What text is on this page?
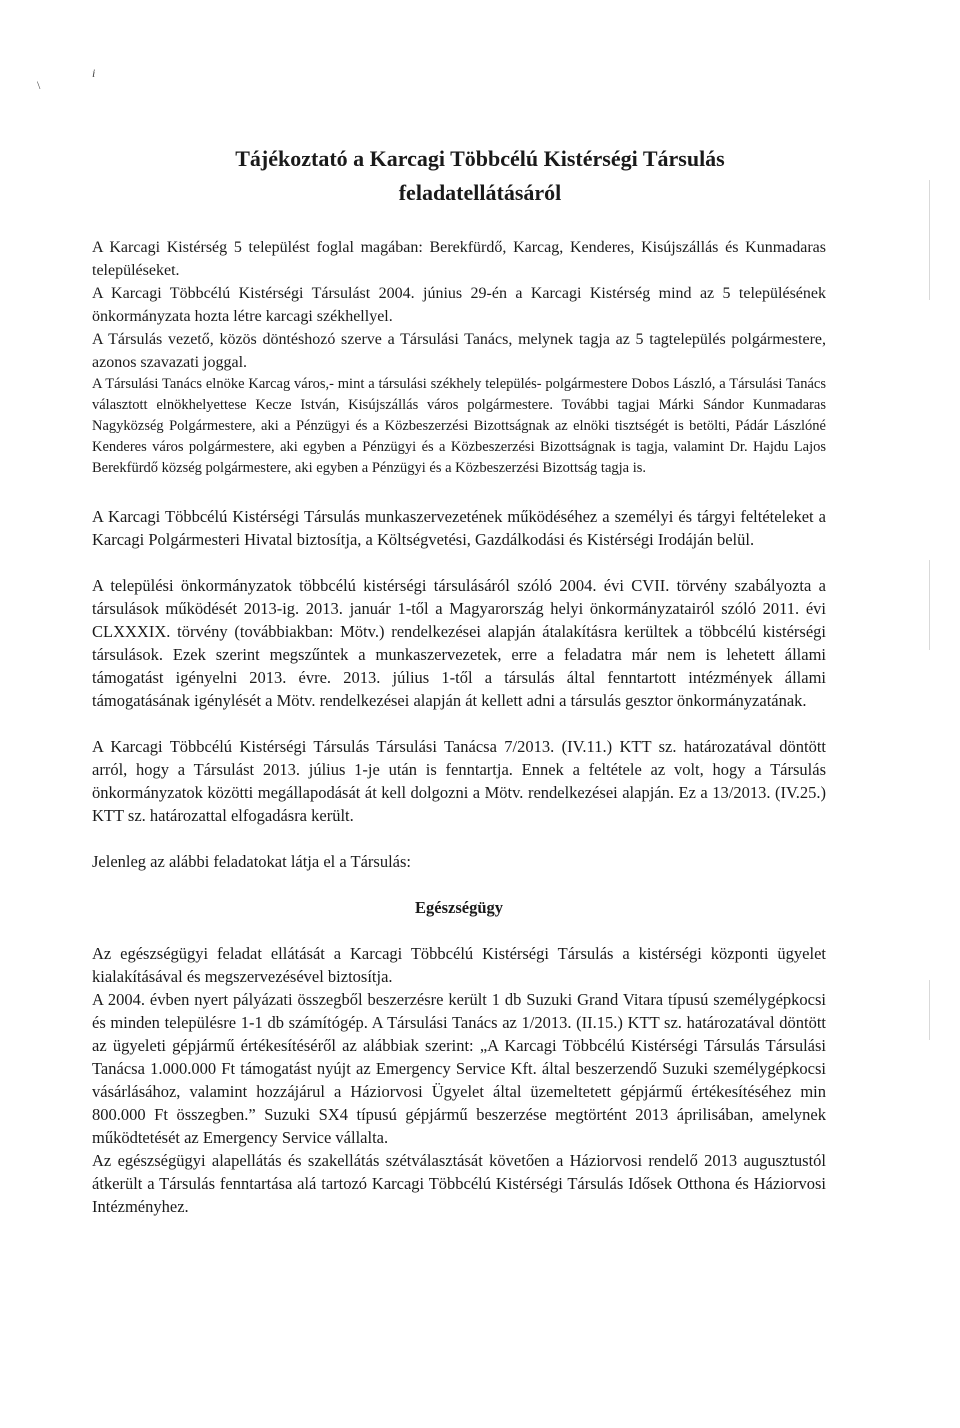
\
i
Tájékoztató a Karcagi Többcélú Kistérségi Társulás
feladatellátásáról

A Karcagi Kistérség 5 települést foglal magában: Berekfürdő, Karcag, Kenderes, Kisújszállás és Kunmadaras településeket.

A Karcagi Többcélú Kistérségi Társulást 2004. június 29-én a Karcagi Kistérség mind az 5 településének önkormányzata hozta létre karcagi székhellyel.

A Társulás vezető, közös döntéshozó szerve a Társulási Tanács, melynek tagja az 5 tagtelepülés polgármestere, azonos szavazati joggal.

A Társulási Tanács elnöke Karcag város,- mint a társulási székhely település- polgármestere Dobos László, a Társulási Tanács választott elnökhelyettese Kecze István, Kisújszállás város polgármestere. További tagjai Márki Sándor Kunmadaras Nagyközség Polgármestere, aki a Pénzügyi és a Közbeszerzési Bizottságnak az elnöki tisztségét is betölti, Pádár Lászlóné Kenderes város polgármestere, aki egyben a Pénzügyi és a Közbeszerzési Bizottságnak is tagja, valamint Dr. Hajdu Lajos Berekfürdő község polgármestere, aki egyben a Pénzügyi és a Közbeszerzési Bizottság tagja is.

A Karcagi Többcélú Kistérségi Társulás munkaszervezetének működéséhez a személyi és tárgyi feltételeket a Karcagi Polgármesteri Hivatal biztosítja, a Költségvetési, Gazdálkodási és Kistérségi Irodáján belül.

A települési önkormányzatok többcélú kistérségi társulásáról szóló 2004. évi CVII. törvény szabályozta a társulások működését 2013-ig. 2013. január 1-től a Magyarország helyi önkormányzatairól szóló 2011. évi CLXXXIX. törvény (továbbiakban: Mötv.) rendelkezései alapján átalakításra kerültek a többcélú kistérségi társulások. Ezek szerint megszűntek a munkaszervezetek, erre a feladatra már nem is lehetett állami támogatást igényelni 2013. évre. 2013. július 1-től a társulás által fenntartott intézmények állami támogatásának igénylését a Mötv. rendelkezései alapján át kellett adni a társulás gesztor önkormányzatának.

A Karcagi Többcélú Kistérségi Társulás Társulási Tanácsa 7/2013. (IV.11.) KTT sz. határozatával döntött arról, hogy a Társulást 2013. július 1-je után is fenntartja. Ennek a feltétele az volt, hogy a Társulás önkormányzatok közötti megállapodását át kell dolgozni a Mötv. rendelkezései alapján. Ez a 13/2013. (IV.25.) KTT sz. határozattal elfogadásra került.

Jelenleg az alábbi feladatokat látja el a Társulás:

Egészségügy

Az egészségügyi feladat ellátását a Karcagi Többcélú Kistérségi Társulás a kistérségi központi ügyelet kialakításával és megszervezésével biztosítja.

A 2004. évben nyert pályázati összegből beszerzésre került 1 db Suzuki Grand Vitara típusú személygépkocsi és minden településre 1-1 db számítógép. A Társulási Tanács az 1/2013. (II.15.) KTT sz. határozatával döntött az ügyeleti gépjármű értékesítéséről az alábbiak szerint: „A Karcagi Többcélú Kistérségi Társulás Társulási Tanácsa 1.000.000 Ft támogatást nyújt az Emergency Service Kft. által beszerzendő Suzuki személygépkocsi vásárlásához, valamint hozzájárul a Háziorvosi Ügyelet által üzemeltetett gépjármű értékesítéséhez min 800.000 Ft összegben.” Suzuki SX4 típusú gépjármű beszerzése megtörtént 2013 áprilisában, amelynek működtetését az Emergency Service vállalta.

Az egészségügyi alapellátás és szakellátás szétválasztását követően a Háziorvosi rendelő 2013 augusztustól átkerült a Társulás fenntartása alá tartozó Karcagi Többcélú Kistérségi Társulás Idősek Otthona és Háziorvosi Intézményhez.
